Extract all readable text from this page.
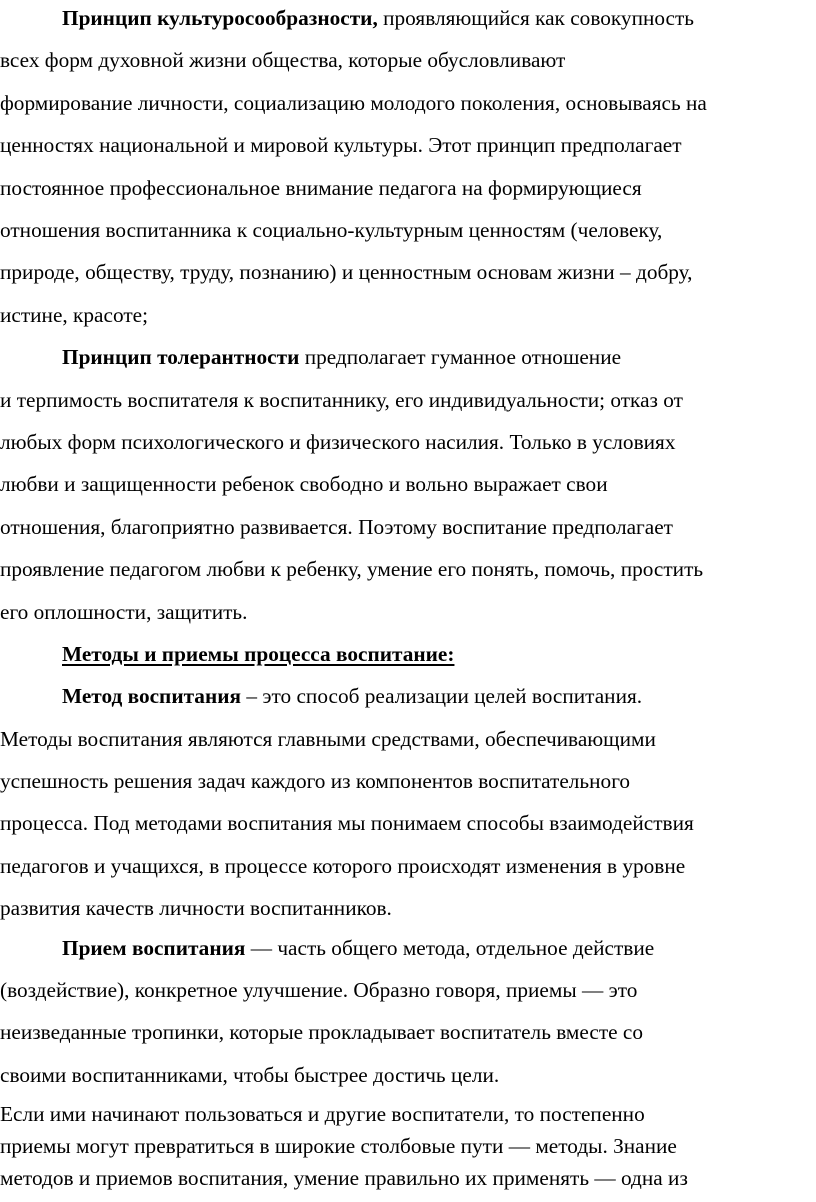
Принцип культуросообразности, проявляющийся как совокупность
всех форм духовной жизни общества, которые обусловливают
формирование личности, социализацию молодого поколения, основываясь на
ценностях национальной и мировой культуры. Этот принцип предполагает
постоянное профессиональное внимание педагога на формирующиеся
отношения воспитанника к социально-культурным ценностям (человеку,
природе, обществу, труду, познанию) и ценностным основам жизни – добру,
истине, красоте;
Принцип толерантности предполагает гуманное отношение
и терпимость воспитателя к воспитаннику, его индивидуальности; отказ от
любых форм психологического и физического насилия. Только в условиях
любви и защищенности ребенок свободно и вольно выражает свои
отношения, благоприятно развивается. Поэтому воспитание предполагает
проявление педагогом любви к ребенку, умение его понять, помочь, простить
его оплошности, защитить.
Методы и приемы процесса воспитание:
Метод воспитания – это способ реализации целей воспитания.
Методы воспитания являются главными средствами, обеспечивающими
успешность решения задач каждого из компонентов воспитательного
процесса. Под методами воспитания мы понимаем способы взаимодействия
педагогов и учащихся, в процессе которого происходят изменения в уровне
развития качеств личности воспитанников.
Прием воспитания — часть общего метода, отдельное действие
(воздействие), конкретное улучшение. Образно говоря, приемы — это
неизведанные тропинки, которые прокладывает воспитатель вместе со
своими воспитанниками, чтобы быстрее достичь цели.
Если ими начинают пользоваться и другие воспитатели, то постепенно
приемы могут превратиться в широкие столбовые пути — методы. Знание
методов и приемов воспитания, умение правильно их применять — одна из
